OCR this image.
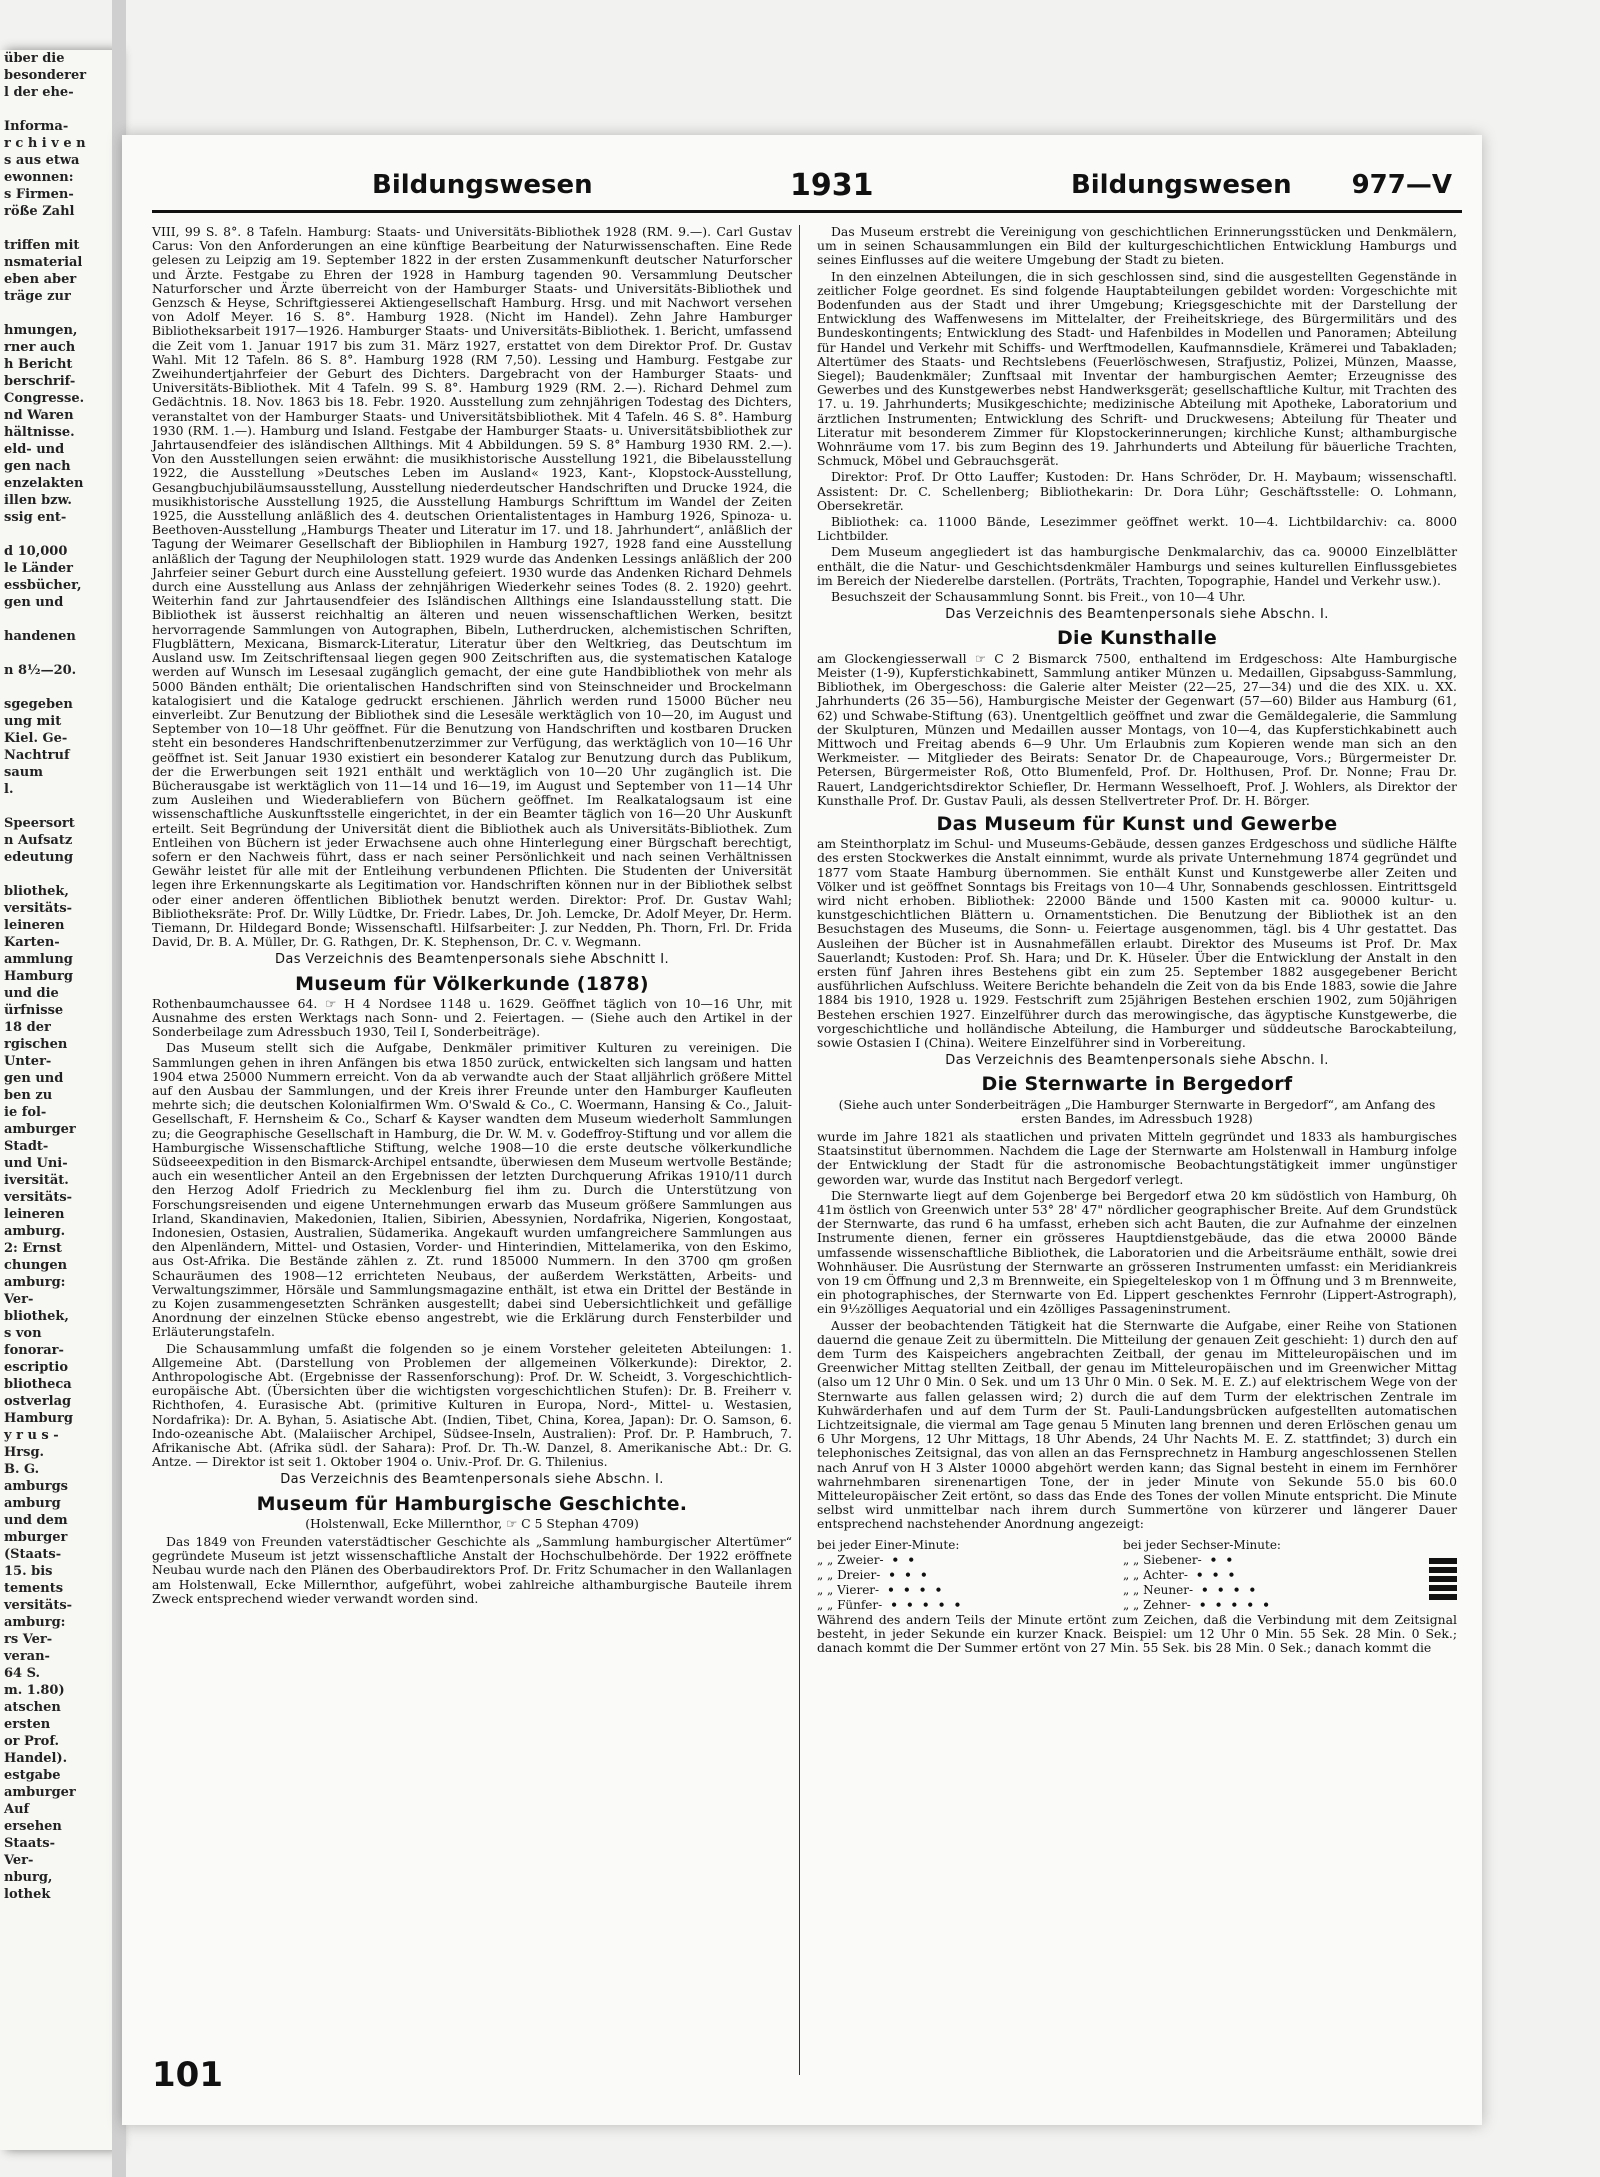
über die
besonderer
l der ehe-

Informa-
r c h i v e n
s aus etwa
ewonnen:
s Firmen-
röße Zahl

triffen mit
nsmaterial
eben aber
träge zur

hmungen,
rner auch
h Bericht
berschrif-
Congresse.
nd Waren
hältnisse.
eld- und
gen nach
enzelakten
illen bzw.
ssig ent-

d 10,000
le Länder
essbücher,
gen und

handenen

n 8½—20.

sgegeben
ung mit
Kiel. Ge-
Nachtruf
saum
l.

Speersort
n Aufsatz
edeutung

bliothek,
versitäts-
leineren
Karten-
ammlung
Hamburg
und die
ürfnisse
18 der
rgischen
Unter-
gen und
ben zu
ie fol-
amburger
Stadt-
und Uni-
iversität.
versitäts-
leineren
amburg.
2: Ernst
chungen
amburg:
Ver-
bliothek,
s von
fonorar-
escriptio
bliotheca
ostverlag
Hamburg
y r u s -
Hrsg.
B. G.
amburgs
amburg
und dem
mburger
(Staats-
15. bis
tements
versitäts-
amburg:
rs Ver-
veran-
64 S.
m. 1.80)
atschen
ersten
or Prof.
Handel).
estgabe
amburger
Auf
ersehen
Staats-
Ver-
nburg,
lothek
Bildungswesen	1931	Bildungswesen 977—V

VIII, 99 S. 8°. 8 Tafeln. Hamburg: Staats- und Universitäts-Bibliothek 1928 (RM. 9.—). Carl Gustav Carus: Von den Anforderungen an eine künftige Bearbeitung der Naturwissenschaften. Eine Rede gelesen zu Leipzig am 19. September 1822 in der ersten Zusammenkunft deutscher Naturforscher und Ärzte. Festgabe zu Ehren der 1928 in Hamburg tagenden 90. Versammlung Deutscher Naturforscher und Ärzte überreicht von der Hamburger Staats- und Universitäts-Bibliothek und Genzsch & Heyse, Schriftgiesserei Aktiengesellschaft Hamburg. Hrsg. und mit Nachwort versehen von Adolf Meyer. 16 S. 8°. Hamburg 1928. (Nicht im Handel). Zehn Jahre Hamburger Bibliotheksarbeit 1917—1926. Hamburger Staats- und Universitäts-Bibliothek. 1. Bericht, umfassend die Zeit vom 1. Januar 1917 bis zum 31. März 1927, erstattet von dem Direktor Prof. Dr. Gustav Wahl. Mit 12 Tafeln. 86 S. 8°. Hamburg 1928 (RM 7,50). Lessing und Hamburg. Festgabe zur Zweihundertjahrfeier der Geburt des Dichters. Dargebracht von der Hamburger Staats- und Universitäts-Bibliothek. Mit 4 Tafeln. 99 S. 8°. Hamburg 1929 (RM. 2.—). Richard Dehmel zum Gedächtnis. 18. Nov. 1863 bis 18. Febr. 1920. Ausstellung zum zehnjährigen Todestag des Dichters, veranstaltet von der Hamburger Staats- und Universitätsbibliothek. Mit 4 Tafeln. 46 S. 8°. Hamburg 1930 (RM. 1.—). Hamburg und Island. Festgabe der Hamburger Staats- u. Universitätsbibliothek zur Jahrtausendfeier des isländischen Allthings. Mit 4 Abbildungen. 59 S. 8° Hamburg 1930 RM. 2.—). Von den Ausstellungen seien erwähnt: die musikhistorische Ausstellung 1921, die Bibelausstellung 1922, die Ausstellung »Deutsches Leben im Ausland« 1923, Kant-, Klopstock-Ausstellung, Gesangbuchjubiläumsausstellung, Ausstellung niederdeutscher Handschriften und Drucke 1924, die musikhistorische Ausstellung 1925, die Ausstellung Hamburgs Schrifttum im Wandel der Zeiten 1925, die Ausstellung anläßlich des 4. deutschen Orientalistentages in Hamburg 1926, Spinoza- u. Beethoven-Ausstellung „Hamburgs Theater und Literatur im 17. und 18. Jahrhundert“, anläßlich der Tagung der Weimarer Gesellschaft der Bibliophilen in Hamburg 1927, 1928 fand eine Ausstellung anläßlich der Tagung der Neuphilologen statt. 1929 wurde das Andenken Lessings anläßlich der 200 Jahrfeier seiner Geburt durch eine Ausstellung gefeiert. 1930 wurde das Andenken Richard Dehmels durch eine Ausstellung aus Anlass der zehnjährigen Wiederkehr seines Todes (8. 2. 1920) geehrt. Weiterhin fand zur Jahrtausendfeier des Isländischen Allthings eine Islandausstellung statt. Die Bibliothek ist äusserst reichhaltig an älteren und neuen wissenschaftlichen Werken, besitzt hervorragende Sammlungen von Autographen, Bibeln, Lutherdrucken, alchemistischen Schriften, Flugblättern, Mexicana, Bismarck-Literatur, Literatur über den Weltkrieg, das Deutschtum im Ausland usw. Im Zeitschriftensaal liegen gegen 900 Zeitschriften aus, die systematischen Kataloge werden auf Wunsch im Lesesaal zugänglich gemacht, der eine gute Handbibliothek von mehr als 5000 Bänden enthält; Die orientalischen Handschriften sind von Steinschneider und Brockelmann katalogisiert und die Kataloge gedruckt erschienen. Jährlich werden rund 15000 Bücher neu einverleibt. Zur Benutzung der Bibliothek sind die Lesesäle werktäglich von 10—20, im August und September von 10—18 Uhr geöffnet. Für die Benutzung von Handschriften und kostbaren Drucken steht ein besonderes Handschriftenbenutzerzimmer zur Verfügung, das werktäglich von 10—16 Uhr geöffnet ist. Seit Januar 1930 existiert ein besonderer Katalog zur Benutzung durch das Publikum, der die Erwerbungen seit 1921 enthält und werktäglich von 10—20 Uhr zugänglich ist. Die Bücherausgabe ist werktäglich von 11—14 und 16—19, im August und September von 11—14 Uhr zum Ausleihen und Wiederabliefern von Büchern geöffnet. Im Realkatalogsaum ist eine wissenschaftliche Auskunftsstelle eingerichtet, in der ein Beamter täglich von 16—20 Uhr Auskunft erteilt. Seit Begründung der Universität dient die Bibliothek auch als Universitäts-Bibliothek. Zum Entleihen von Büchern ist jeder Erwachsene auch ohne Hinterlegung einer Bürgschaft berechtigt, sofern er den Nachweis führt, dass er nach seiner Persönlichkeit und nach seinen Verhältnissen Gewähr leistet für alle mit der Entleihung verbundenen Pflichten. Die Studenten der Universität legen ihre Erkennungskarte als Legitimation vor. Handschriften können nur in der Bibliothek selbst oder einer anderen öffentlichen Bibliothek benutzt werden. Direktor: Prof. Dr. Gustav Wahl; Bibliotheksräte: Prof. Dr. Willy Lüdtke, Dr. Friedr. Labes, Dr. Joh. Lemcke, Dr. Adolf Meyer, Dr. Herm. Tiemann, Dr. Hildegard Bonde; Wissenschaftl. Hilfsarbeiter: J. zur Nedden, Ph. Thorn, Frl. Dr. Frida David, Dr. B. A. Müller, Dr. G. Rathgen, Dr. K. Stephenson, Dr. C. v. Wegmann.

Das Verzeichnis des Beamtenpersonals siehe Abschnitt I.
Museum für Völkerkunde (1878)

Rothenbaumchaussee 64. ☞ H 4 Nordsee 1148 u. 1629. Geöffnet täglich von 10—16 Uhr, mit Ausnahme des ersten Werktags nach Sonn- und 2. Feiertagen. — (Siehe auch den Artikel in der Sonderbeilage zum Adressbuch 1930, Teil I, Sonderbeiträge).

Das Museum stellt sich die Aufgabe, Denkmäler primitiver Kulturen zu vereinigen. Die Sammlungen gehen in ihren Anfängen bis etwa 1850 zurück, entwickelten sich langsam und hatten 1904 etwa 25000 Nummern erreicht. Von da ab verwandte auch der Staat alljährlich größere Mittel auf den Ausbau der Sammlungen, und der Kreis ihrer Freunde unter den Hamburger Kaufleuten mehrte sich; die deutschen Kolonialfirmen Wm. O'Swald & Co., C. Woermann, Hansing & Co., Jaluit-Gesellschaft, F. Hernsheim & Co., Scharf & Kayser wandten dem Museum wiederholt Sammlungen zu; die Geographische Gesellschaft in Hamburg, die Dr. W. M. v. Godeffroy-Stiftung und vor allem die Hamburgische Wissenschaftliche Stiftung, welche 1908—10 die erste deutsche völkerkundliche Südseeexpedition in den Bismarck-Archipel entsandte, überwiesen dem Museum wertvolle Bestände; auch ein wesentlicher Anteil an den Ergebnissen der letzten Durchquerung Afrikas 1910/11 durch den Herzog Adolf Friedrich zu Mecklenburg fiel ihm zu. Durch die Unterstützung von Forschungsreisenden und eigene Unternehmungen erwarb das Museum größere Sammlungen aus Irland, Skandinavien, Makedonien, Italien, Sibirien, Abessynien, Nordafrika, Nigerien, Kongostaat, Indonesien, Ostasien, Australien, Südamerika. Angekauft wurden umfangreichere Sammlungen aus den Alpenländern, Mittel- und Ostasien, Vorder- und Hinterindien, Mittelamerika, von den Eskimo, aus Ost-Afrika. Die Bestände zählen z. Zt. rund 185000 Nummern. In den 3700 qm großen Schauräumen des 1908—12 errichteten Neubaus, der außerdem Werkstätten, Arbeits- und Verwaltungszimmer, Hörsäle und Sammlungsmagazine enthält, ist etwa ein Drittel der Bestände in zu Kojen zusammengesetzten Schränken ausgestellt; dabei sind Uebersichtlichkeit und gefällige Anordnung der einzelnen Stücke ebenso angestrebt, wie die Erklärung durch Fensterbilder und Erläuterungstafeln.

Die Schausammlung umfaßt die folgenden so je einem Vorsteher geleiteten Abteilungen: 1. Allgemeine Abt. (Darstellung von Problemen der allgemeinen Völkerkunde): Direktor, 2. Anthropologische Abt. (Ergebnisse der Rassenforschung): Prof. Dr. W. Scheidt, 3. Vorgeschichtlich-europäische Abt. (Übersichten über die wichtigsten vorgeschichtlichen Stufen): Dr. B. Freiherr v. Richthofen, 4. Eurasische Abt. (primitive Kulturen in Europa, Nord-, Mittel- u. Westasien, Nordafrika): Dr. A. Byhan, 5. Asiatische Abt. (Indien, Tibet, China, Korea, Japan): Dr. O. Samson, 6. Indo-ozeanische Abt. (Malaiischer Archipel, Südsee-Inseln, Australien): Prof. Dr. P. Hambruch, 7. Afrikanische Abt. (Afrika südl. der Sahara): Prof. Dr. Th.-W. Danzel, 8. Amerikanische Abt.: Dr. G. Antze. — Direktor ist seit 1. Oktober 1904 o. Univ.-Prof. Dr. G. Thilenius.

Das Verzeichnis des Beamtenpersonals siehe Abschn. I.
Museum für Hamburgische Geschichte.
(Holstenwall, Ecke Millernthor, ☞ C 5 Stephan 4709)

Das 1849 von Freunden vaterstädtischer Geschichte als „Sammlung hamburgischer Altertümer“ gegründete Museum ist jetzt wissenschaftliche Anstalt der Hochschulbehörde. Der 1922 eröffnete Neubau wurde nach den Plänen des Oberbaudirektors Prof. Dr. Fritz Schumacher in den Wallanlagen am Holstenwall, Ecke Millernthor, aufgeführt, wobei zahlreiche althamburgische Bauteile ihrem Zweck entsprechend wieder verwandt worden sind.

Das Museum erstrebt die Vereinigung von geschichtlichen Erinnerungsstücken und Denkmälern, um in seinen Schausammlungen ein Bild der kulturgeschichtlichen Entwicklung Hamburgs und seines Einflusses auf die weitere Umgebung der Stadt zu bieten.

In den einzelnen Abteilungen, die in sich geschlossen sind, sind die ausgestellten Gegenstände in zeitlicher Folge geordnet. Es sind folgende Hauptabteilungen gebildet worden: Vorgeschichte mit Bodenfunden aus der Stadt und ihrer Umgebung; Kriegsgeschichte mit der Darstellung der Entwicklung des Waffenwesens im Mittelalter, der Freiheitskriege, des Bürgermilitärs und des Bundeskontingents; Entwicklung des Stadt- und Hafenbildes in Modellen und Panoramen; Abteilung für Handel und Verkehr mit Schiffs- und Werftmodellen, Kaufmannsdiele, Krämerei und Tabakladen; Altertümer des Staats- und Rechtslebens (Feuerlöschwesen, Strafjustiz, Polizei, Münzen, Maasse, Siegel); Baudenkmäler; Zunftsaal mit Inventar der hamburgischen Aemter; Erzeugnisse des Gewerbes und des Kunstgewerbes nebst Handwerksgerät; gesellschaftliche Kultur, mit Trachten des 17. u. 19. Jahrhunderts; Musikgeschichte; medizinische Abteilung mit Apotheke, Laboratorium und ärztlichen Instrumenten; Entwicklung des Schrift- und Druckwesens; Abteilung für Theater und Literatur mit besonderem Zimmer für Klopstockerinnerungen; kirchliche Kunst; althamburgische Wohnräume vom 17. bis zum Beginn des 19. Jahrhunderts und Abteilung für bäuerliche Trachten, Schmuck, Möbel und Gebrauchsgerät.

Direktor: Prof. Dr Otto Lauffer; Kustoden: Dr. Hans Schröder, Dr. H. Maybaum; wissenschaftl. Assistent: Dr. C. Schellenberg; Bibliothekarin: Dr. Dora Lühr; Geschäftsstelle: O. Lohmann, Obersekretär.

Bibliothek: ca. 11000 Bände, Lesezimmer geöffnet werkt. 10—4. Lichtbildarchiv: ca. 8000 Lichtbilder.

Dem Museum angegliedert ist das hamburgische Denkmalarchiv, das ca. 90000 Einzelblätter enthält, die die Natur- und Geschichtsdenkmäler Hamburgs und seines kulturellen Einflussgebietes im Bereich der Niederelbe darstellen. (Porträts, Trachten, Topographie, Handel und Verkehr usw.).

Besuchszeit der Schausammlung Sonnt. bis Freit., von 10—4 Uhr.

Das Verzeichnis des Beamtenpersonals siehe Abschn. I.
Die Kunsthalle

am Glockengiesserwall ☞ C 2 Bismarck 7500, enthaltend im Erdgeschoss: Alte Hamburgische Meister (1-9), Kupferstichkabinett, Sammlung antiker Münzen u. Medaillen, Gipsabguss-Sammlung, Bibliothek, im Obergeschoss: die Galerie alter Meister (22—25, 27—34) und die des XIX. u. XX. Jahrhunderts (26 35—56), Hamburgische Meister der Gegenwart (57—60) Bilder aus Hamburg (61, 62) und Schwabe-Stiftung (63). Unentgeltlich geöffnet und zwar die Gemäldegalerie, die Sammlung der Skulpturen, Münzen und Medaillen ausser Montags, von 10—4, das Kupferstichkabinett auch Mittwoch und Freitag abends 6—9 Uhr. Um Erlaubnis zum Kopieren wende man sich an den Werkmeister. — Mitglieder des Beirats: Senator Dr. de Chapeaurouge, Vors.; Bürgermeister Dr. Petersen, Bürgermeister Roß, Otto Blumenfeld, Prof. Dr. Holthusen, Prof. Dr. Nonne; Frau Dr. Rauert, Landgerichtsdirektor Schiefler, Dr. Hermann Wesselhoeft, Prof. J. Wohlers, als Direktor der Kunsthalle Prof. Dr. Gustav Pauli, als dessen Stellvertreter Prof. Dr. H. Börger.

Das Museum für Kunst und Gewerbe

am Steinthorplatz im Schul- und Museums-Gebäude, dessen ganzes Erdgeschoss und südliche Hälfte des ersten Stockwerkes die Anstalt einnimmt, wurde als private Unternehmung 1874 gegründet und 1877 vom Staate Hamburg übernommen. Sie enthält Kunst und Kunstgewerbe aller Zeiten und Völker und ist geöffnet Sonntags bis Freitags von 10—4 Uhr, Sonnabends geschlossen. Eintrittsgeld wird nicht erhoben. Bibliothek: 22000 Bände und 1500 Kasten mit ca. 90000 kultur- u. kunstgeschichtlichen Blättern u. Ornamentstichen. Die Benutzung der Bibliothek ist an den Besuchstagen des Museums, die Sonn- u. Feiertage ausgenommen, tägl. bis 4 Uhr gestattet. Das Ausleihen der Bücher ist in Ausnahmefällen erlaubt. Direktor des Museums ist Prof. Dr. Max Sauerlandt; Kustoden: Prof. Sh. Hara; und Dr. K. Hüseler. Über die Entwicklung der Anstalt in den ersten fünf Jahren ihres Bestehens gibt ein zum 25. September 1882 ausgegebener Bericht ausführlichen Aufschluss. Weitere Berichte behandeln die Zeit von da bis Ende 1883, sowie die Jahre 1884 bis 1910, 1928 u. 1929. Festschrift zum 25jährigen Bestehen erschien 1902, zum 50jährigen Bestehen erschien 1927. Einzelführer durch das merowingische, das ägyptische Kunstgewerbe, die vorgeschichtliche und holländische Abteilung, die Hamburger und süddeutsche Barockabteilung, sowie Ostasien I (China). Weitere Einzelführer sind in Vorbereitung.

Das Verzeichnis des Beamtenpersonals siehe Abschn. I.
Die Sternwarte in Bergedorf
(Siehe auch unter Sonderbeiträgen „Die Hamburger Sternwarte in Bergedorf“, am Anfang des ersten Bandes, im Adressbuch 1928)

wurde im Jahre 1821 als staatlichen und privaten Mitteln gegründet und 1833 als hamburgisches Staatsinstitut übernommen. Nachdem die Lage der Sternwarte am Holstenwall in Hamburg infolge der Entwicklung der Stadt für die astronomische Beobachtungstätigkeit immer ungünstiger geworden war, wurde das Institut nach Bergedorf verlegt.

Die Sternwarte liegt auf dem Gojenberge bei Bergedorf etwa 20 km südöstlich von Hamburg, 0h 41m östlich von Greenwich unter 53° 28' 47" nördlicher geographischer Breite. Auf dem Grundstück der Sternwarte, das rund 6 ha umfasst, erheben sich acht Bauten, die zur Aufnahme der einzelnen Instrumente dienen, ferner ein grösseres Hauptdienstgebäude, das die etwa 20000 Bände umfassende wissenschaftliche Bibliothek, die Laboratorien und die Arbeitsräume enthält, sowie drei Wohnhäuser. Die Ausrüstung der Sternwarte an grösseren Instrumenten umfasst: ein Meridiankreis von 19 cm Öffnung und 2,3 m Brennweite, ein Spiegelteleskop von 1 m Öffnung und 3 m Brennweite, ein photographisches, der Sternwarte von Ed. Lippert geschenktes Fernrohr (Lippert-Astrograph), ein 9⅓zölliges Aequatorial und ein 4zölliges Passageninstrument.

Ausser der beobachtenden Tätigkeit hat die Sternwarte die Aufgabe, einer Reihe von Stationen dauernd die genaue Zeit zu übermitteln. Die Mitteilung der genauen Zeit geschieht: 1) durch den auf dem Turm des Kaispeichers angebrachten Zeitball, der genau im Mitteleuropäischen und im Greenwicher Mittag stellten Zeitball, der genau im Mitteleuropäischen und im Greenwicher Mittag (also um 12 Uhr 0 Min. 0 Sek. und um 13 Uhr 0 Min. 0 Sek. M. E. Z.) auf elektrischem Wege von der Sternwarte aus fallen gelassen wird; 2) durch die auf dem Turm der elektrischen Zentrale im Kuhwärderhafen und auf dem Turm der St. Pauli-Landungsbrücken aufgestellten automatischen Lichtzeitsignale, die viermal am Tage genau 5 Minuten lang brennen und deren Erlöschen genau um 6 Uhr Morgens, 12 Uhr Mittags, 18 Uhr Abends, 24 Uhr Nachts M. E. Z. stattfindet; 3) durch ein telephonisches Zeitsignal, das von allen an das Fernsprechnetz in Hamburg angeschlossenen Stellen nach Anruf von H 3 Alster 10000 abgehört werden kann; das Signal besteht in einem im Fernhörer wahrnehmbaren sirenenartigen Tone, der in jeder Minute von Sekunde 55.0 bis 60.0 Mitteleuropäischer Zeit ertönt, so dass das Ende des Tones der vollen Minute entspricht. Die Minute selbst wird unmittelbar nach ihrem durch Summertöne von kürzerer und längerer Dauer entsprechend nachstehender Anordnung angezeigt:

bei jeder Einer-Minute:
„ „ Zweier- • •
„ „ Dreier- • • •
„ „ Vierer- • • • •
„ „ Fünfer- • • • • •
bei jeder Sechser-Minute:
„ „ Siebener- • •
„ „ Achter- • • •
„ „ Neuner- • • • •
„ „ Zehner- • • • • •

Während des andern Teils der Minute ertönt zum Zeichen, daß die Verbindung mit dem Zeitsignal besteht, in jeder Sekunde ein kurzer Knack. Beispiel: um 12 Uhr 0 Min. 55 Sek. 28 Min. 0 Sek.; danach kommt die Der Summer ertönt von 27 Min. 55 Sek. bis 28 Min. 0 Sek.; danach kommt die

101
